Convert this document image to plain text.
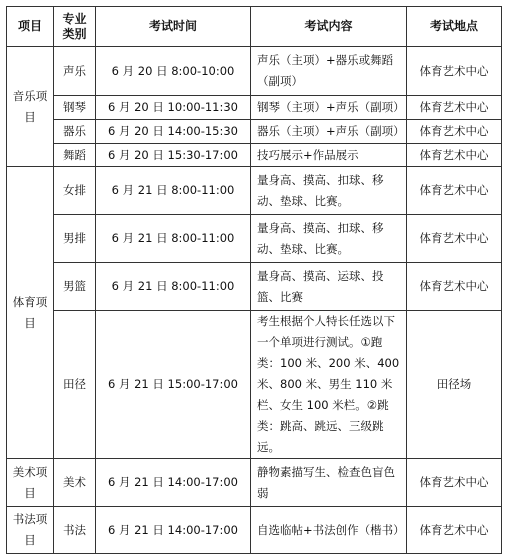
项目	专业类别	考试时间	考试内容	考试地点
音乐项目	声乐	6 月 20 日 8:00-10:00	声乐（主项）+器乐或舞蹈（副项）	体育艺术中心
	钢琴	6 月 20 日 10:00-11:30	钢琴（主项）+声乐（副项）	体育艺术中心
	器乐	6 月 20 日 14:00-15:30	器乐（主项）+声乐（副项）	体育艺术中心
	舞蹈	6 月 20 日 15:30-17:00	技巧展示+作品展示	体育艺术中心
体育项目	女排	6 月 21 日 8:00-11:00	量身高、摸高、扣球、移动、垫球、比赛。	体育艺术中心
	男排	6 月 21 日 8:00-11:00	量身高、摸高、扣球、移动、垫球、比赛。	体育艺术中心
	男篮	6 月 21 日 8:00-11:00	量身高、摸高、运球、投篮、比赛	体育艺术中心
	田径	6 月 21 日 15:00-17:00	考生根据个人特长任选以下一个单项进行测试。①跑类：100 米、200 米、400 米、800 米、男生 110 米栏、女生 100 米栏。②跳类：跳高、跳远、三级跳远。	田径场
美术项目	美术	6 月 21 日 14:00-17:00	静物素描写生、检查色盲色弱	体育艺术中心
书法项目	书法	6 月 21 日 14:00-17:00	自选临帖+书法创作（楷书）	体育艺术中心
